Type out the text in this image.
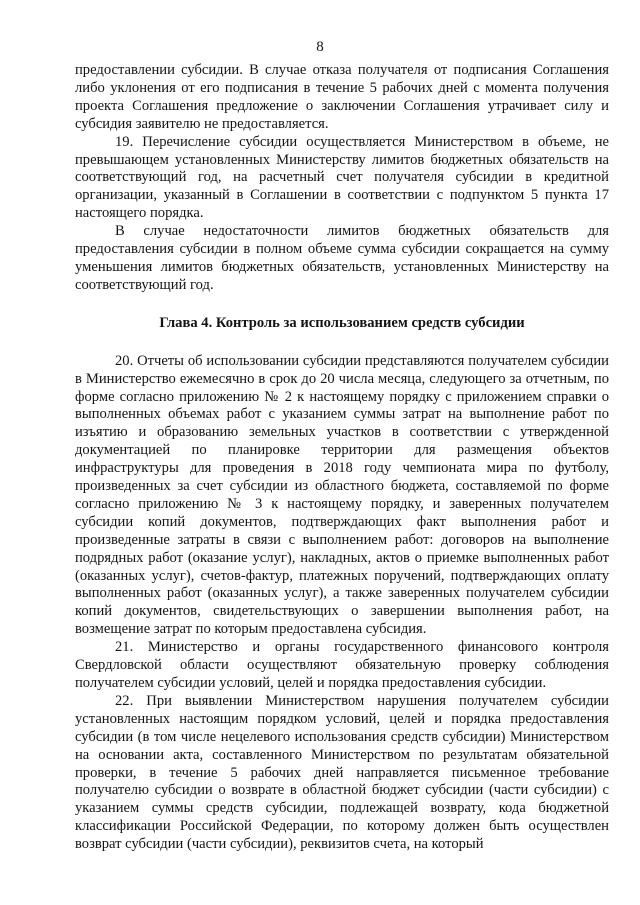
8

предоставлении субсидии. В случае отказа получателя от подписания Соглашения либо уклонения от его подписания в течение 5 рабочих дней с момента получения проекта Соглашения предложение о заключении Соглашения утрачивает силу и субсидия заявителю не предоставляется.

19. Перечисление субсидии осуществляется Министерством в объеме, не превышающем установленных Министерству лимитов бюджетных обязательств на соответствующий год, на расчетный счет получателя субсидии в кредитной организации, указанный в Соглашении в соответствии с подпунктом 5 пункта 17 настоящего порядка.

В случае недостаточности лимитов бюджетных обязательств для предоставления субсидии в полном объеме сумма субсидии сокращается на сумму уменьшения лимитов бюджетных обязательств, установленных Министерству на соответствующий год.

Глава 4. Контроль за использованием средств субсидии

20. Отчеты об использовании субсидии представляются получателем субсидии в Министерство ежемесячно в срок до 20 числа месяца, следующего за отчетным, по форме согласно приложению № 2 к настоящему порядку с приложением справки о выполненных объемах работ с указанием суммы затрат на выполнение работ по изъятию и образованию земельных участков в соответствии с утвержденной документацией по планировке территории для размещения объектов инфраструктуры для проведения в 2018 году чемпионата мира по футболу, произведенных за счет субсидии из областного бюджета, составляемой по форме согласно приложению № 3 к настоящему порядку, и заверенных получателем субсидии копий документов, подтверждающих факт выполнения работ и произведенные затраты в связи с выполнением работ: договоров на выполнение подрядных работ (оказание услуг), накладных, актов о приемке выполненных работ (оказанных услуг), счетов-фактур, платежных поручений, подтверждающих оплату выполненных работ (оказанных услуг), а также заверенных получателем субсидии копий документов, свидетельствующих о завершении выполнения работ, на возмещение затрат по которым предоставлена субсидия.

21. Министерство и органы государственного финансового контроля Свердловской области осуществляют обязательную проверку соблюдения получателем субсидии условий, целей и порядка предоставления субсидии.

22. При выявлении Министерством нарушения получателем субсидии установленных настоящим порядком условий, целей и порядка предоставления субсидии (в том числе нецелевого использования средств субсидии) Министерством на основании акта, составленного Министерством по результатам обязательной проверки, в течение 5 рабочих дней направляется письменное требование получателю субсидии о возврате в областной бюджет субсидии (части субсидии) с указанием суммы средств субсидии, подлежащей возврату, кода бюджетной классификации Российской Федерации, по которому должен быть осуществлен возврат субсидии (части субсидии), реквизитов счета, на который
